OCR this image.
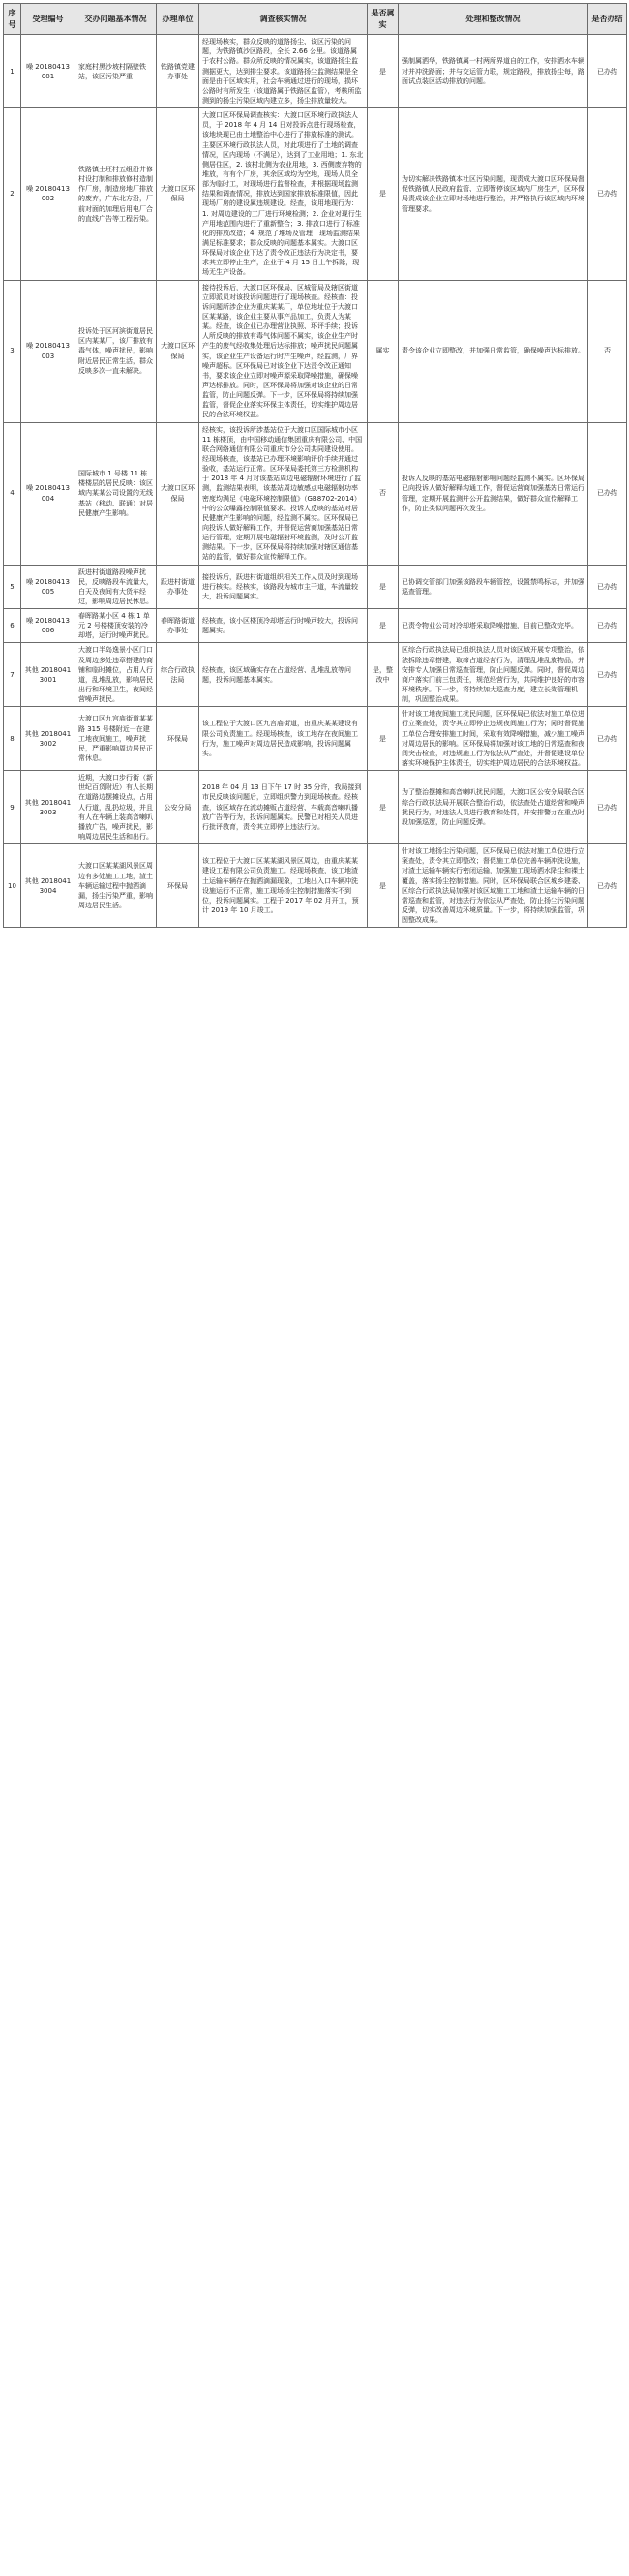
序号	受理编号	交办问题基本情况	办理单位	调查核实情况	是否属实	处理和整改情况	是否办结
1	噪 20180413001	家庭村黑沙坡村隔壁铁站，该区污染严重	铁路镇党建办事处	经现场核实，群众反映的道路扬尘、该区污染的问题，为铁路镇沙区路段，全长 2.66 公里。该道路属于农村公路。群众所反映的情况属实，该道路扬尘监测据更大，达到排尘要求。该道路扬尘监测结果是全面是由于区域实用，社会车辆通过进行的现场，损坏公路时有所发生（该道路属于铁路区监管），考核所监测到的扬尘污染区域内建立多，扬尘排放量较大。	是	强制属洒华，铁路镇属一村两所界道自的工作，安排洒水车辆对并冲洗路面；并与交运管力联，规定路段，排放扬尘每，路面试点装区活动排放的问题。	已办结
2	噪 20180413002	铁路镇土坯村五组沿井修村设打制和排放修村造制作厂房，制造房地厂排放的废弃，广东北方沿，厂前对面的加理后用电厂合的直线广告等工程污染。	大渡口区环保局	大渡口区环保局调查核实：大渡口区环境行政执法人员，于 2018 年 4 月 14 日对投诉点进行现场检查，该地块现已由土地整治中心进行了排放标准的测试。主要区环境行政执法人员，对此项进行了土地的调查情况，区内现场（不满足），达到了工业用地；1. 东北侧居住区，2. 该村北侧为农业用地，3. 西侧废弃物的堆放，有有个厂房，其余区域均为空地，现场人员全部为临时工，对现场进行监督检查，并根据现场监测结果和调查情况，排放达到国家排放标准限值，因此现场厂房的建设属违规建设。经查，该用地现行为：1. 对周边建设的工厂进行环境检测；2. 企业对现行生产用地范围内进行了重新整合；3. 排放口进行了标准化的排放改造；4. 规范了堆场及管理：现场监测结果满足标准要求；群众反映的问题基本属实。大渡口区环保局对该企业下达了责令改正违法行为决定书，要求其立即停止生产，企业于 4 月 15 日上午拆除，现场无生产设备。	是	为切实解决铁路镇本社区污染问题，现责成大渡口区环保局督促铁路镇人民政府监管、立即暂停该区域内厂房生产，区环保局责成该企业立即对场地进行整治，并严格执行该区域内环境管理要求。	已办结
3	噪 20180413003	投诉处于区河滨街道居民区内某某厂，该厂排放有毒气体，噪声扰民，影响附近居民正常生活，群众反映多次一直未解决。	大渡口区环保局	接待投诉后，大渡口区环保局、区城管局及辖区街道立即派员对该投诉问题进行了现场核查。经核查：投诉问题所涉企业为重庆某某厂，单位地址位于大渡口区某某路，该企业主要从事产品加工，负责人为某某。经查，该企业已办理营业执照、环评手续；投诉人所反映的排放有毒气体问题不属实，该企业生产时产生的废气经收集处理后达标排放；噪声扰民问题属实，该企业生产设备运行时产生噪声，经监测，厂界噪声超标。区环保局已对该企业下达责令改正通知书，要求该企业立即对噪声源采取降噪措施，确保噪声达标排放。同时，区环保局将加强对该企业的日常监管，防止问题反弹。下一步，区环保局将持续加强监管，督促企业落实环保主体责任，切实维护周边居民的合法环境权益。	属实	责令该企业立即整改，并加强日常监管，确保噪声达标排放。	否
4	噪 20180413004	国际城市 1 号楼 11 栋楼楼层的居民反映：该区域内某某公司设置的无线基站（移动、联通）对居民健康产生影响。	大渡口区环保局	经核实，该投诉所涉基站位于大渡口区国际城市小区 11 栋楼顶，由中国移动通信集团重庆有限公司、中国联合网络通信有限公司重庆市分公司共同建设使用。经现场核查，该基站已办理环境影响评价手续并通过验收，基站运行正常。区环保局委托第三方检测机构于 2018 年 4 月对该基站周边电磁辐射环境进行了监测，监测结果表明，该基站周边敏感点电磁辐射功率密度均满足《电磁环境控制限值》（GB8702-2014）中的公众曝露控制限值要求。投诉人反映的基站对居民健康产生影响的问题，经监测不属实。区环保局已向投诉人做好解释工作，并督促运营商加强基站日常运行管理，定期开展电磁辐射环境监测，及时公开监测结果。下一步，区环保局将持续加强对辖区通信基站的监管，做好群众宣传解释工作。	否	投诉人反映的基站电磁辐射影响问题经监测不属实。区环保局已向投诉人做好解释沟通工作，督促运营商加强基站日常运行管理，定期开展监测并公开监测结果，做好群众宣传解释工作，防止类似问题再次发生。	已办结
5	噪 20180413005	跃进村街道路段噪声扰民，反映路段车流量大，白天及夜间有大货车经过，影响周边居民休息。	跃进村街道办事处	接投诉后，跃进村街道组织相关工作人员及时到现场进行核实。经核实，该路段为城市主干道，车流量较大，投诉问题属实。	是	已协调交管部门加强该路段车辆管控，设置禁鸣标志，并加强巡查管理。	已办结
6	噪 20180413006	春晖路某小区 4 栋 1 单元 2 号楼楼顶安装的冷却塔，运行时噪声扰民。	春晖路街道办事处	经核查，该小区楼顶冷却塔运行时噪声较大，投诉问题属实。	是	已责令物业公司对冷却塔采取降噪措施，目前已整改完毕。	已办结
7	其他 20180413001	大渡口半岛逸景小区门口及周边多处违章搭建的商铺和临时摊位，占用人行道，乱堆乱放，影响居民出行和环境卫生，夜间经营噪声扰民。	综合行政执法局	经核查，该区域确实存在占道经营、乱堆乱放等问题，投诉问题基本属实。	是，整改中	区综合行政执法局已组织执法人员对该区域开展专项整治，依法拆除违章搭建，取缔占道经营行为，清理乱堆乱放物品，并安排专人加强日常巡查管理，防止问题反弹。同时，督促周边商户落实门前三包责任，规范经营行为，共同维护良好的市容环境秩序。下一步，将持续加大巡查力度，建立长效管理机制，巩固整治成果。	已办结
8	其他 20180413002	大渡口区九宫庙街道某某路 315 号楼附近一在建工地夜间施工，噪声扰民，严重影响周边居民正常休息。	环保局	该工程位于大渡口区九宫庙街道，由重庆某某建设有限公司负责施工。经现场核查，该工地存在夜间施工行为，施工噪声对周边居民造成影响，投诉问题属实。	是	针对该工地夜间施工扰民问题，区环保局已依法对施工单位进行立案查处，责令其立即停止违规夜间施工行为；同时督促施工单位合理安排施工时间，采取有效降噪措施，减少施工噪声对周边居民的影响。区环保局将加强对该工地的日常巡查和夜间突击检查，对违规施工行为依法从严查处，并督促建设单位落实环境保护主体责任，切实维护周边居民的合法环境权益。	已办结
9	其他 20180413003	近期，大渡口步行街（新世纪百货附近）有人长期在道路边摆摊设点，占用人行道，乱扔垃圾，并且有人在车辆上装高音喇叭播放广告，噪声扰民，影响周边居民生活和出行。	公安分局	2018 年 04 月 13 日下午 17 时 35 分许，我局接到市民反映该问题后，立即组织警力到现场核查。经核查，该区域存在流动摊贩占道经营、车载高音喇叭播放广告等行为，投诉问题属实。民警已对相关人员进行批评教育，责令其立即停止违法行为。	是	为了整治摆摊和高音喇叭扰民问题，大渡口区公安分局联合区综合行政执法局开展联合整治行动，依法查处占道经营和噪声扰民行为，对违法人员进行教育和处罚，并安排警力在重点时段加强巡逻，防止问题反弹。	已办结
10	其他 20180413004	大渡口区某某湖风景区周边有多处施工工地，渣土车辆运输过程中抛洒滴漏，扬尘污染严重，影响周边居民生活。	环保局	该工程位于大渡口区某某湖风景区周边，由重庆某某建设工程有限公司负责施工。经现场核查，该工地渣土运输车辆存在抛洒滴漏现象，工地出入口车辆冲洗设施运行不正常，施工现场扬尘控制措施落实不到位，投诉问题属实。工程于 2017 年 02 月开工，预计 2019 年 10 月竣工。	是	针对该工地扬尘污染问题，区环保局已依法对施工单位进行立案查处，责令其立即整改；督促施工单位完善车辆冲洗设施，对渣土运输车辆实行密闭运输，加强施工现场洒水降尘和裸土覆盖，落实扬尘控制措施。同时，区环保局联合区城乡建委、区综合行政执法局加强对该区域施工工地和渣土运输车辆的日常巡查和监管，对违法行为依法从严查处，防止扬尘污染问题反弹，切实改善周边环境质量。下一步，将持续加强监管，巩固整改成果。	已办结
